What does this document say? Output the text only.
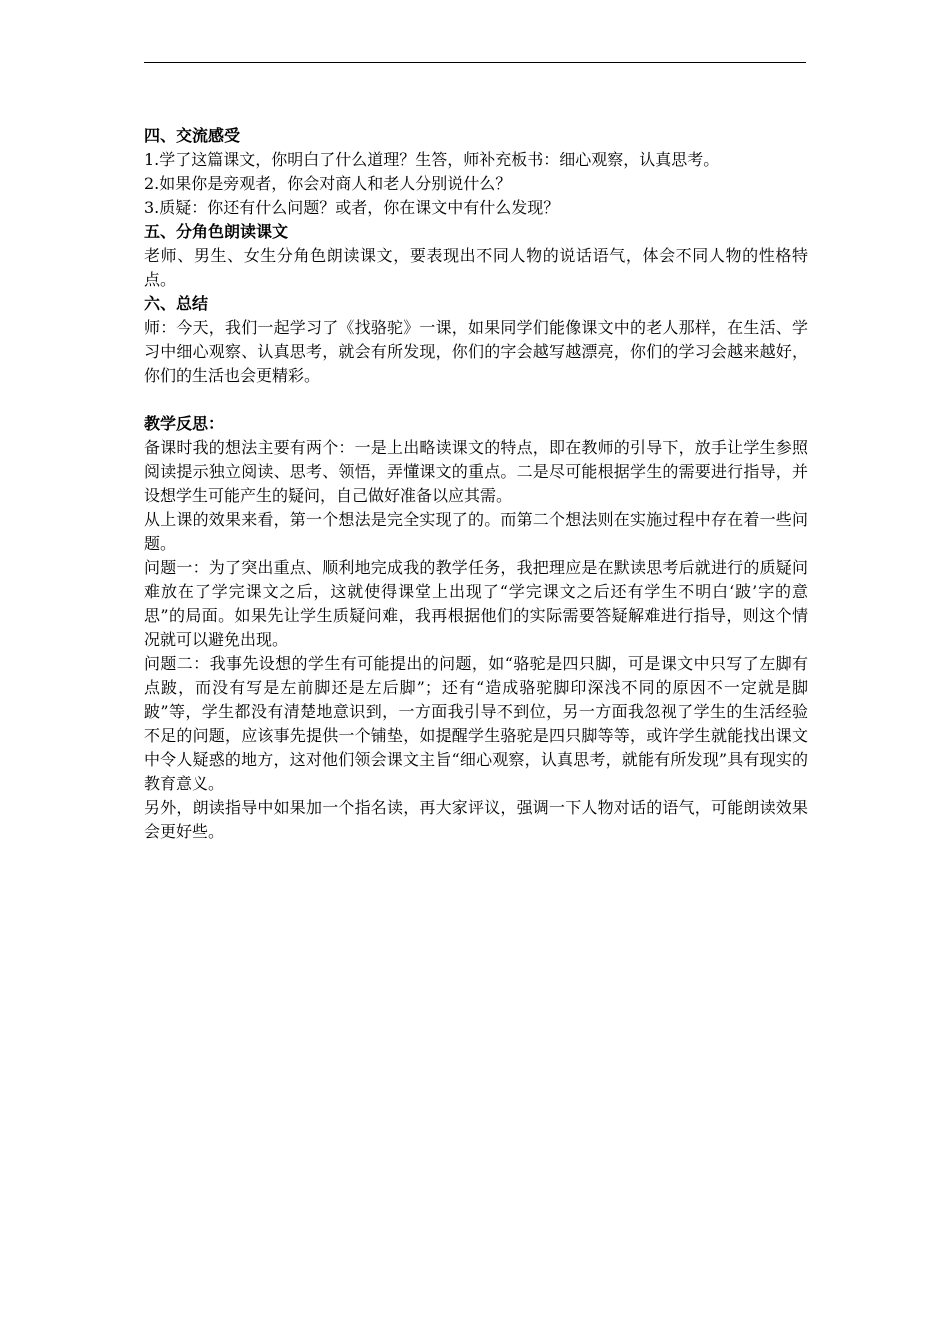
四、交流感受

1.学了这篇课文，你明白了什么道理？生答，师补充板书：细心观察，认真思考。

2.如果你是旁观者，你会对商人和老人分别说什么？

3.质疑：你还有什么问题？或者，你在课文中有什么发现？

五、分角色朗读课文

老师、男生、女生分角色朗读课文，要表现出不同人物的说话语气，体会不同人物的性格特点。

六、总结

师：今天，我们一起学习了《找骆驼》一课，如果同学们能像课文中的老人那样，在生活、学习中细心观察、认真思考，就会有所发现，你们的字会越写越漂亮，你们的学习会越来越好，你们的生活也会更精彩。

教学反思：

备课时我的想法主要有两个：一是上出略读课文的特点，即在教师的引导下，放手让学生参照阅读提示独立阅读、思考、领悟，弄懂课文的重点。二是尽可能根据学生的需要进行指导，并设想学生可能产生的疑问，自己做好准备以应其需。

从上课的效果来看，第一个想法是完全实现了的。而第二个想法则在实施过程中存在着一些问题。

问题一：为了突出重点、顺利地完成我的教学任务，我把理应是在默读思考后就进行的质疑问难放在了学完课文之后，这就使得课堂上出现了“学完课文之后还有学生不明白‘跛’字的意思”的局面。如果先让学生质疑问难，我再根据他们的实际需要答疑解难进行指导，则这个情况就可以避免出现。

问题二：我事先设想的学生有可能提出的问题，如“骆驼是四只脚，可是课文中只写了左脚有点跛，而没有写是左前脚还是左后脚”；还有“造成骆驼脚印深浅不同的原因不一定就是脚跛”等，学生都没有清楚地意识到，一方面我引导不到位，另一方面我忽视了学生的生活经验不足的问题，应该事先提供一个铺垫，如提醒学生骆驼是四只脚等等，或许学生就能找出课文中令人疑惑的地方，这对他们领会课文主旨“细心观察，认真思考，就能有所发现”具有现实的教育意义。

另外，朗读指导中如果加一个指名读，再大家评议，强调一下人物对话的语气，可能朗读效果会更好些。
